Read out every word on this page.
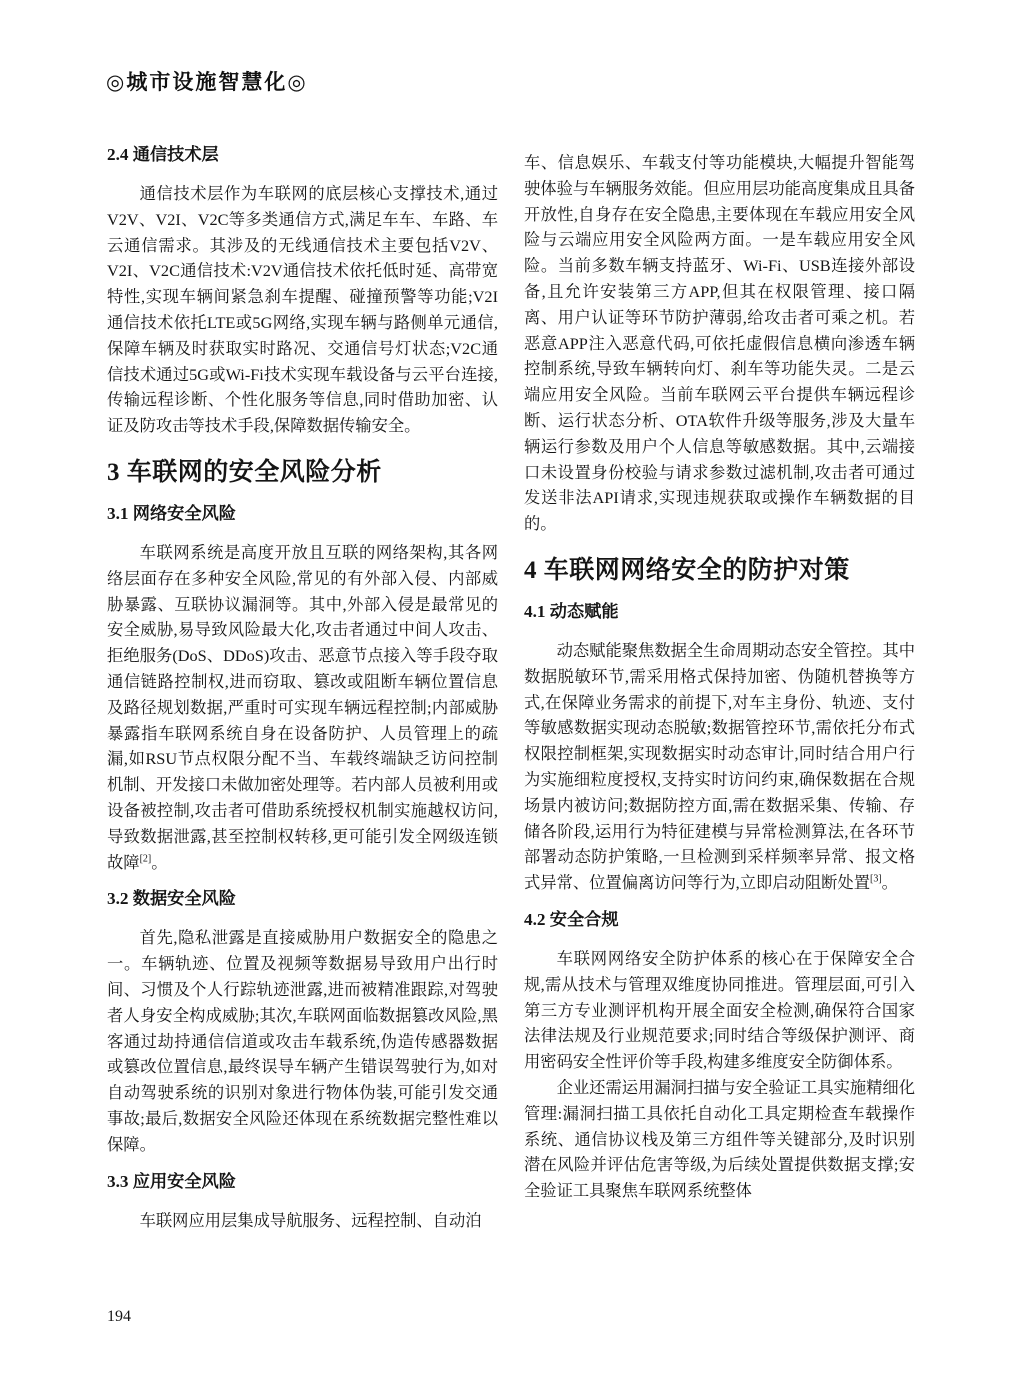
◎城市设施智慧化◎
2.4 通信技术层

通信技术层作为车联网的底层核心支撑技术,通过V2V、V2I、V2C等多类通信方式,满足车车、车路、车云通信需求。其涉及的无线通信技术主要包括V2V、V2I、V2C通信技术:V2V通信技术依托低时延、高带宽特性,实现车辆间紧急刹车提醒、碰撞预警等功能;V2I通信技术依托LTE或5G网络,实现车辆与路侧单元通信,保障车辆及时获取实时路况、交通信号灯状态;V2C通信技术通过5G或Wi-Fi技术实现车载设备与云平台连接,传输远程诊断、个性化服务等信息,同时借助加密、认证及防攻击等技术手段,保障数据传输安全。

3 车联网的安全风险分析
3.1 网络安全风险

车联网系统是高度开放且互联的网络架构,其各网络层面存在多种安全风险,常见的有外部入侵、内部威胁暴露、互联协议漏洞等。其中,外部入侵是最常见的安全威胁,易导致风险最大化,攻击者通过中间人攻击、拒绝服务(DoS、DDoS)攻击、恶意节点接入等手段夺取通信链路控制权,进而窃取、篡改或阻断车辆位置信息及路径规划数据,严重时可实现车辆远程控制;内部威胁暴露指车联网系统自身在设备防护、人员管理上的疏漏,如RSU节点权限分配不当、车载终端缺乏访问控制机制、开发接口未做加密处理等。若内部人员被利用或设备被控制,攻击者可借助系统授权机制实施越权访问,导致数据泄露,甚至控制权转移,更可能引发全网级连锁故障[2]。

3.2 数据安全风险

首先,隐私泄露是直接威胁用户数据安全的隐患之一。车辆轨迹、位置及视频等数据易导致用户出行时间、习惯及个人行踪轨迹泄露,进而被精准跟踪,对驾驶者人身安全构成威胁;其次,车联网面临数据篡改风险,黑客通过劫持通信信道或攻击车载系统,伪造传感器数据或篡改位置信息,最终误导车辆产生错误驾驶行为,如对自动驾驶系统的识别对象进行物体伪装,可能引发交通事故;最后,数据安全风险还体现在系统数据完整性难以保障。

3.3 应用安全风险

车联网应用层集成导航服务、远程控制、自动泊

车、信息娱乐、车载支付等功能模块,大幅提升智能驾驶体验与车辆服务效能。但应用层功能高度集成且具备开放性,自身存在安全隐患,主要体现在车载应用安全风险与云端应用安全风险两方面。一是车载应用安全风险。当前多数车辆支持蓝牙、Wi-Fi、USB连接外部设备,且允许安装第三方APP,但其在权限管理、接口隔离、用户认证等环节防护薄弱,给攻击者可乘之机。若恶意APP注入恶意代码,可依托虚假信息横向渗透车辆控制系统,导致车辆转向灯、刹车等功能失灵。二是云端应用安全风险。当前车联网云平台提供车辆远程诊断、运行状态分析、OTA软件升级等服务,涉及大量车辆运行参数及用户个人信息等敏感数据。其中,云端接口未设置身份校验与请求参数过滤机制,攻击者可通过发送非法API请求,实现违规获取或操作车辆数据的目的。

4 车联网网络安全的防护对策
4.1 动态赋能

动态赋能聚焦数据全生命周期动态安全管控。其中数据脱敏环节,需采用格式保持加密、伪随机替换等方式,在保障业务需求的前提下,对车主身份、轨迹、支付等敏感数据实现动态脱敏;数据管控环节,需依托分布式权限控制框架,实现数据实时动态审计,同时结合用户行为实施细粒度授权,支持实时访问约束,确保数据在合规场景内被访问;数据防控方面,需在数据采集、传输、存储各阶段,运用行为特征建模与异常检测算法,在各环节部署动态防护策略,一旦检测到采样频率异常、报文格式异常、位置偏离访问等行为,立即启动阻断处置[3]。

4.2 安全合规

车联网网络安全防护体系的核心在于保障安全合规,需从技术与管理双维度协同推进。管理层面,可引入第三方专业测评机构开展全面安全检测,确保符合国家法律法规及行业规范要求;同时结合等级保护测评、商用密码安全性评价等手段,构建多维度安全防御体系。

企业还需运用漏洞扫描与安全验证工具实施精细化管理:漏洞扫描工具依托自动化工具定期检查车载操作系统、通信协议栈及第三方组件等关键部分,及时识别潜在风险并评估危害等级,为后续处置提供数据支撑;安全验证工具聚焦车联网系统整体

194
